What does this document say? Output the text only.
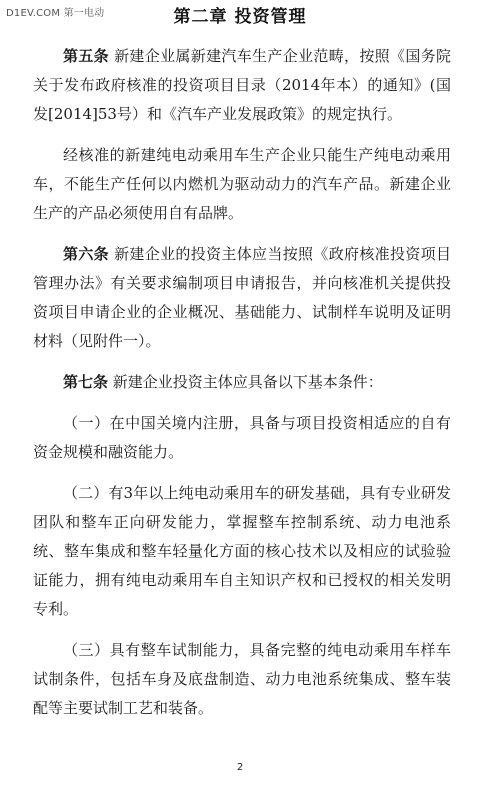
D1EV.COM 第一电动	第二章 投资管理

第五条 新建企业属新建汽车生产企业范畴，按照《国务院关于发布政府核准的投资项目目录（2014年本）的通知》(国发[2014]53号）和《汽车产业发展政策》的规定执行。

经核准的新建纯电动乘用车生产企业只能生产纯电动乘用车，不能生产任何以内燃机为驱动动力的汽车产品。新建企业生产的产品必须使用自有品牌。

第六条 新建企业的投资主体应当按照《政府核准投资项目管理办法》有关要求编制项目申请报告，并向核准机关提供投资项目申请企业的企业概况、基础能力、试制样车说明及证明材料（见附件一）。

第七条 新建企业投资主体应具备以下基本条件：

（一）在中国关境内注册，具备与项目投资相适应的自有资金规模和融资能力。

（二）有3年以上纯电动乘用车的研发基础，具有专业研发团队和整车正向研发能力，掌握整车控制系统、动力电池系统、整车集成和整车轻量化方面的核心技术以及相应的试验验证能力，拥有纯电动乘用车自主知识产权和已授权的相关发明专利。

（三）具有整车试制能力，具备完整的纯电动乘用车样车试制条件，包括车身及底盘制造、动力电池系统集成、整车装配等主要试制工艺和装备。

2
